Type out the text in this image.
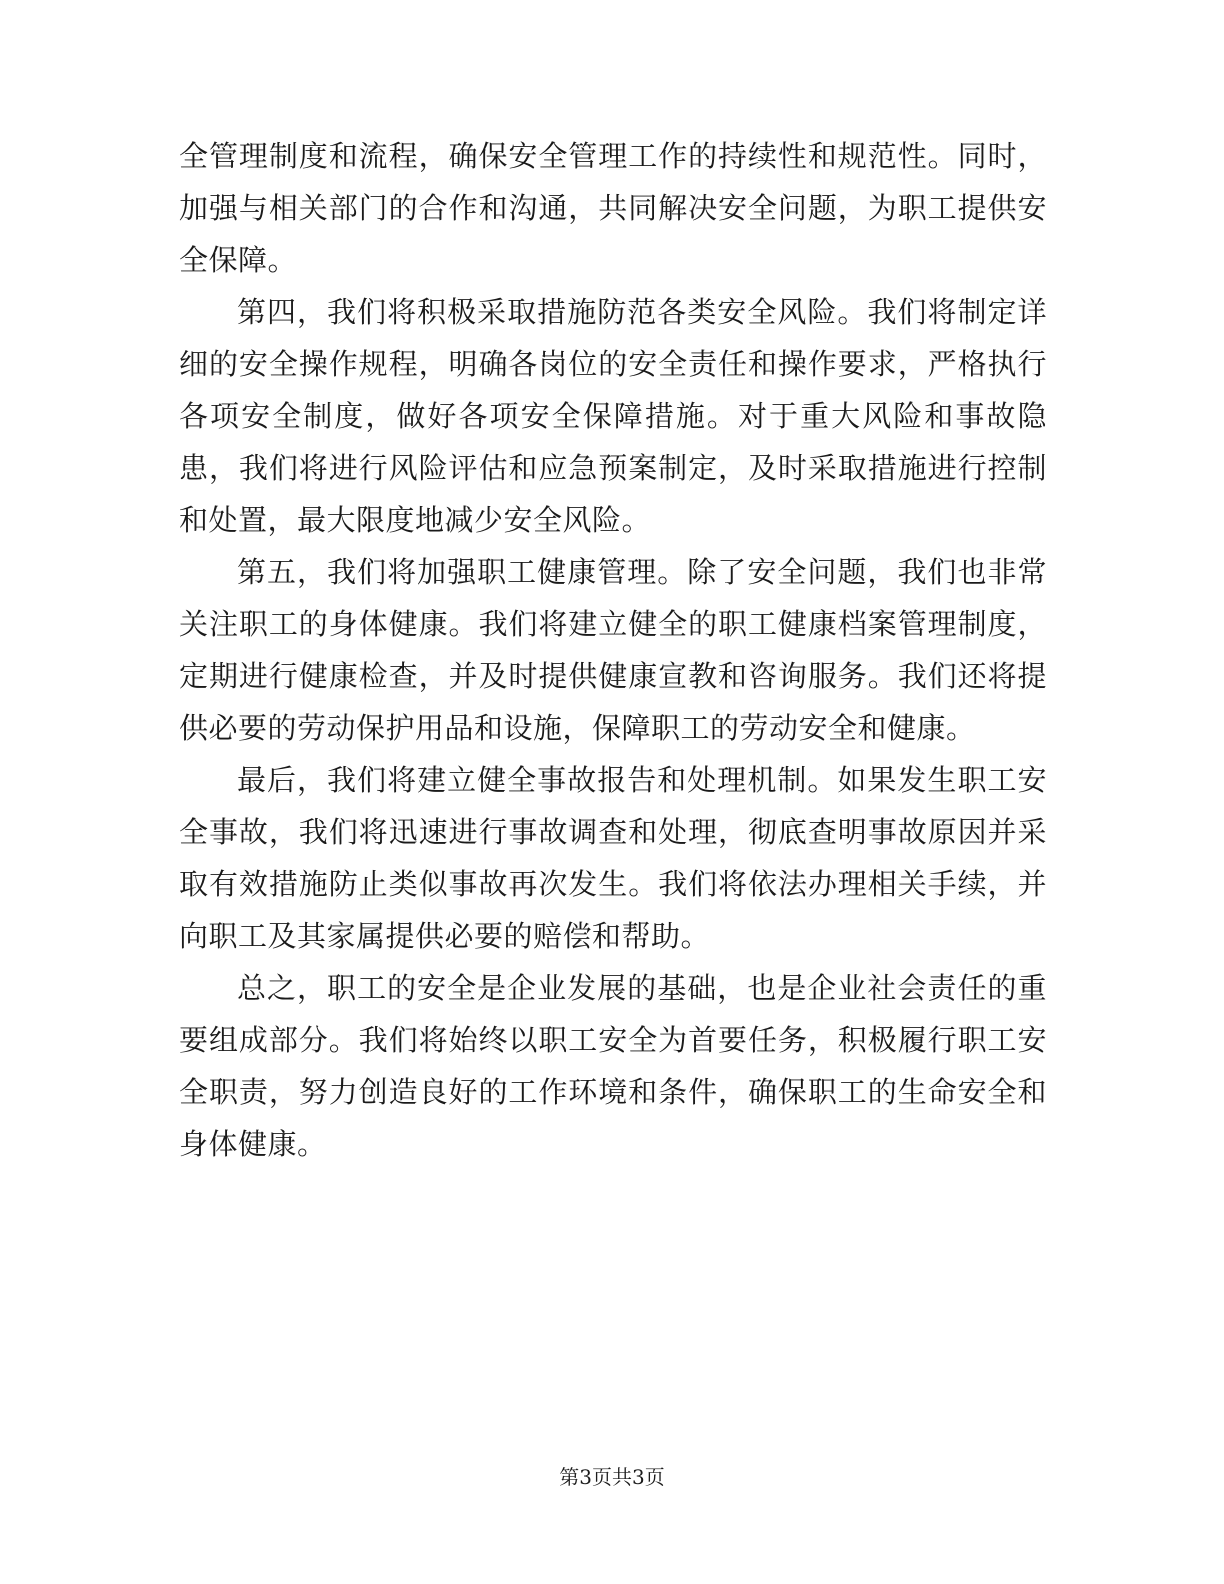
全管理制度和流程，确保安全管理工作的持续性和规范性。同时，加强与相关部门的合作和沟通，共同解决安全问题，为职工提供安全保障。

第四，我们将积极采取措施防范各类安全风险。我们将制定详细的安全操作规程，明确各岗位的安全责任和操作要求，严格执行各项安全制度，做好各项安全保障措施。对于重大风险和事故隐患，我们将进行风险评估和应急预案制定，及时采取措施进行控制和处置，最大限度地减少安全风险。

第五，我们将加强职工健康管理。除了安全问题，我们也非常关注职工的身体健康。我们将建立健全的职工健康档案管理制度，定期进行健康检查，并及时提供健康宣教和咨询服务。我们还将提供必要的劳动保护用品和设施，保障职工的劳动安全和健康。

最后，我们将建立健全事故报告和处理机制。如果发生职工安全事故，我们将迅速进行事故调查和处理，彻底查明事故原因并采取有效措施防止类似事故再次发生。我们将依法办理相关手续，并向职工及其家属提供必要的赔偿和帮助。

总之，职工的安全是企业发展的基础，也是企业社会责任的重要组成部分。我们将始终以职工安全为首要任务，积极履行职工安全职责，努力创造良好的工作环境和条件，确保职工的生命安全和身体健康。

第3页共3页
